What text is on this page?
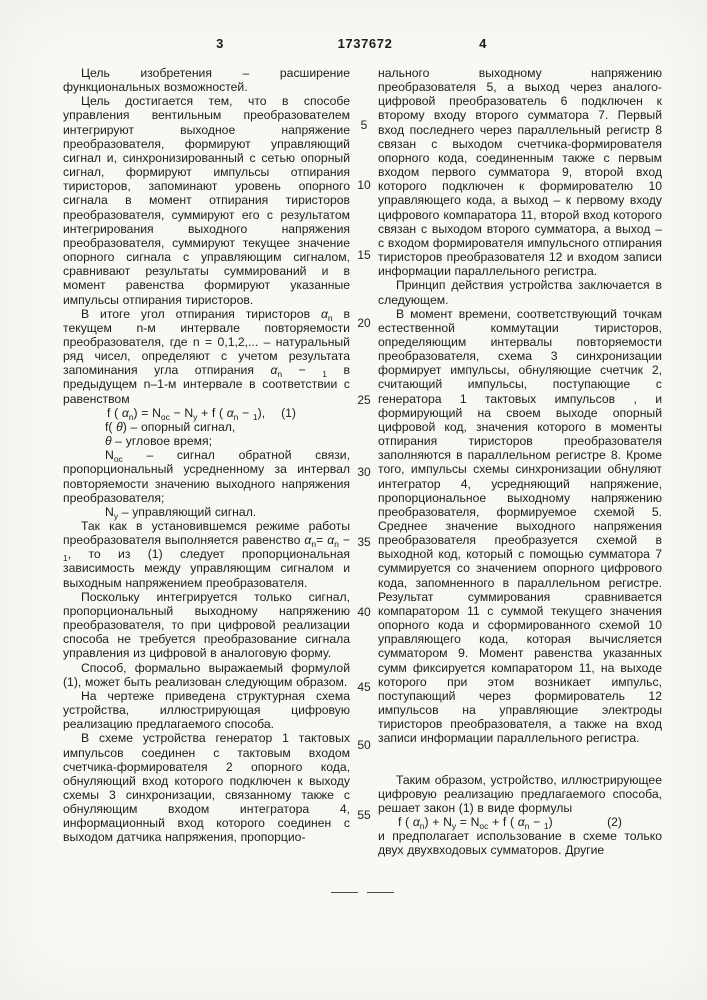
3	1737672	4

Цель изобретения – расширение функциональных возможностей.

Цель достигается тем, что в способе управления вентильным преобразователем интегрируют выходное напряжение преобразователя, формируют управляющий сигнал и, синхронизированный с сетью опорный сигнал, формируют импульсы отпирания тиристоров, запоминают уровень опорного сигнала в момент отпирания тиристоров преобразователя, суммируют его с результатом интегрирования выходного напряжения преобразователя, суммируют текущее значение опорного сигнала с управляющим сигналом, сравнивают результаты суммирований и в момент равенства формируют указанные импульсы отпирания тиристоров.

В итоге угол отпирания тиристоров $\alpha_n$ в текущем n-м интервале повторяемости преобразователя, где n = 0,1,2,... – натуральный ряд чисел, определяют с учетом результата запоминания угла отпирания $\alpha_n - _1$ в предыдущем n–1-м интервале в соответствии с равенством

f ( $\alpha_n) = N_{ос} - N_у + f$ ( $\alpha_n - _1$), (1)

f( θ) – опорный сигнал,

θ – угловое время;

$N_{ос}$ – сигнал обратной связи, пропорциональный усредненному за интервал повторяемости значению выходного напряжения преобразователя;

$N_у$ – управляющий сигнал.

Так как в установившемся режиме работы преобразователя выполняется равенство $\alpha_n= \alpha_n - _1$, то из (1) следует пропорциональная зависимость между управляющим сигналом и выходным напряжением преобразователя.

Поскольку интегрируется только сигнал, пропорциональный выходному напряжению преобразователя, то при цифровой реализации способа не требуется преобразование сигнала управления из цифровой в аналоговую форму.

Способ, формально выражаемый формулой (1), может быть реализован следующим образом.

На чертеже приведена структурная схема устройства, иллюстрирующая цифровую реализацию предлагаемого способа.

В схеме устройства генератор 1 тактовых импульсов соединен с тактовым входом счетчика-формирователя 2 опорного кода, обнуляющий вход которого подключен к выходу схемы 3 синхронизации, связанному также с обнуляющим входом интегратора 4, информационный вход которого соединен с выходом датчика напряжения, пропорцио-

нального выходному напряжению преобразователя 5, а выход через аналого-цифровой преобразователь 6 подключен к второму входу второго сумматора 7. Первый вход последнего через параллельный регистр 8 связан с выходом счетчика-формирователя опорного кода, соединенным также с первым входом первого сумматора 9, второй вход которого подключен к формирователю 10 управляющего кода, а выход – к первому входу цифрового компаратора 11, второй вход которого связан с выходом второго сумматора, а выход – с входом формирователя импульсного отпирания тиристоров преобразователя 12 и входом записи информации параллельного регистра.

Принцип действия устройства заключается в следующем.

В момент времени, соответствующий точкам естественной коммутации тиристоров, определяющим интервалы повторяемости преобразователя, схема 3 синхронизации формирует импульсы, обнуляющие счетчик 2, считающий импульсы, поступающие с генератора 1 тактовых импульсов , и формирующий на своем выходе опорный цифровой код, значения которого в моменты отпирания тиристоров преобразователя заполняются в параллельном регистре 8. Кроме того, импульсы схемы синхронизации обнуляют интегратор 4, усредняющий напряжение, пропорциональное выходному напряжению преобразователя, формируемое схемой 5. Среднее значение выходного напряжения преобразователя преобразуется схемой в выходной код, который с помощью сумматора 7 суммируется со значением опорного цифрового кода, запомненного в параллельном регистре. Результат суммирования сравнивается компаратором 11 с суммой текущего значения опорного кода и сформированного схемой 10 управляющего кода, которая вычисляется сумматором 9. Момент равенства указанных сумм фиксируется компаратором 11, на выходе которого при этом возникает импульс, поступающий через формирователь 12 импульсов на управляющие электроды тиристоров преобразователя, а также на вход записи информации параллельного регистра.

Таким образом, устройство, иллюстрирующее цифровую реализацию предлагаемого способа, решает закон (1) в виде формулы

f ( $\alpha_n) + N_у = N_{ос} + f$ ( $\alpha_n - _1$)	(2)

и предполагает использование в схеме только двух двухвходовых сумматоров. Другие

5
10
15
20
25
30
35
40
45
50
55
